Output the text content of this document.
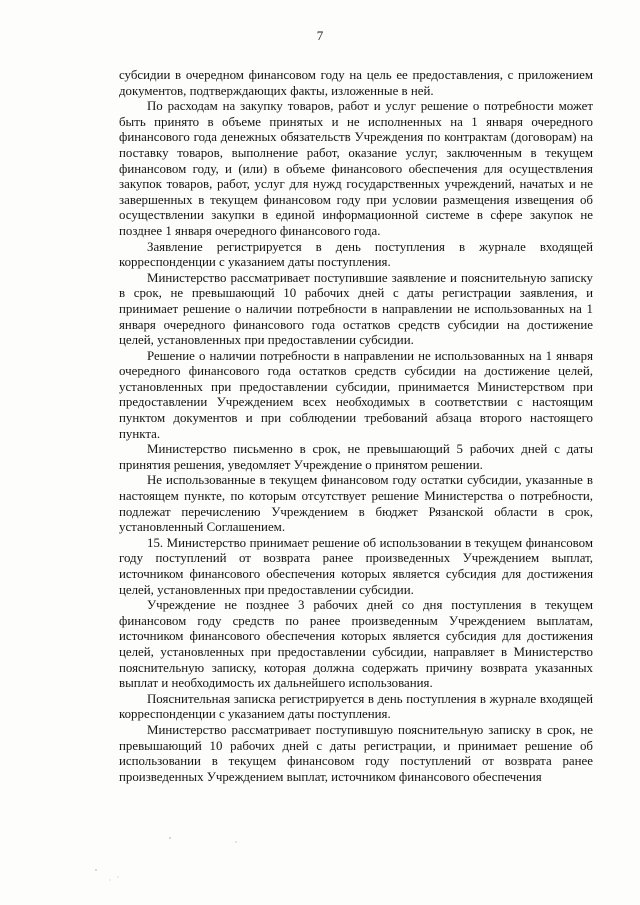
7

субсидии в очередном финансовом году на цель ее предоставления, с приложением документов, подтверждающих факты, изложенные в ней.

По расходам на закупку товаров, работ и услуг решение о потребности может быть принято в объеме принятых и не исполненных на 1 января очередного финансового года денежных обязательств Учреждения по контрактам (договорам) на поставку товаров, выполнение работ, оказание услуг, заключенным в текущем финансовом году, и (или) в объеме финансового обеспечения для осуществления закупок товаров, работ, услуг для нужд государственных учреждений, начатых и не завершенных в текущем финансовом году при условии размещения извещения об осуществлении закупки в единой информационной системе в сфере закупок не позднее 1 января очередного финансового года.

Заявление регистрируется в день поступления в журнале входящей корреспонденции с указанием даты поступления.

Министерство рассматривает поступившие заявление и пояснительную записку в срок, не превышающий 10 рабочих дней с даты регистрации заявления, и принимает решение о наличии потребности в направлении не использованных на 1 января очередного финансового года остатков средств субсидии на достижение целей, установленных при предоставлении субсидии.

Решение о наличии потребности в направлении не использованных на 1 января очередного финансового года остатков средств субсидии на достижение целей, установленных при предоставлении субсидии, принимается Министерством при предоставлении Учреждением всех необходимых в соответствии с настоящим пунктом документов и при соблюдении требований абзаца второго настоящего пункта.

Министерство письменно в срок, не превышающий 5 рабочих дней с даты принятия решения, уведомляет Учреждение о принятом решении.

Не использованные в текущем финансовом году остатки субсидии, указанные в настоящем пункте, по которым отсутствует решение Министерства о потребности, подлежат перечислению Учреждением в бюджет Рязанской области в срок, установленный Соглашением.

15. Министерство принимает решение об использовании в текущем финансовом году поступлений от возврата ранее произведенных Учреждением выплат, источником финансового обеспечения которых является субсидия для достижения целей, установленных при предоставлении субсидии.

Учреждение не позднее 3 рабочих дней со дня поступления в текущем финансовом году средств по ранее произведенным Учреждением выплатам, источником финансового обеспечения которых является субсидия для достижения целей, установленных при предоставлении субсидии, направляет в Министерство пояснительную записку, которая должна содержать причину возврата указанных выплат и необходимость их дальнейшего использования.

Пояснительная записка регистрируется в день поступления в журнале входящей корреспонденции с указанием даты поступления.

Министерство рассматривает поступившую пояснительную записку в срок, не превышающий 10 рабочих дней с даты регистрации, и принимает решение об использовании в текущем финансовом году поступлений от возврата ранее произведенных Учреждением выплат, источником финансового обеспечения
